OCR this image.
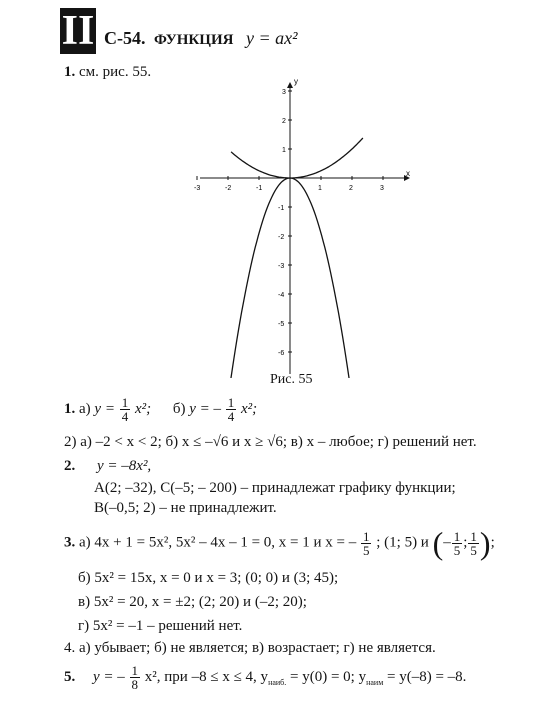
II С-54. ФУНКЦИЯ y = ax²
1. см. рис. 55.
x
y
-3	-2	-1	1	2	3
3
2
1
-1
-2
-3
-4
-5
-6
Рис. 55
1. а) $y = \frac{1}{4} x^2$; б) y = – $\frac{1}{4} x^2$;
2) а) –2 < x < 2; б) x ≤ –√6 и x ≥ √6; в) x – любое; г) решений нет.
2. y = –8x²,
A(2; –32), C(–5; – 200) – принадлежат графику функции;
B(–0,5; 2) – не принадлежит.
3. а) 4x + 1 = 5x², 5x² – 4x – 1 = 0, x = 1 и x = – $\frac{1}{5}$ ; (1; 5) и (– $\frac{1}{5}$ ; $\frac{1}{5}$ );
б) 5x² = 15x, x = 0 и x = 3; (0; 0) и (3; 45);
в) 5x² = 20, x = ±2; (2; 20) и (–2; 20);
г) 5x² = –1 – решений нет.
4. а) убывает; б) не является; в) возрастает; г) не является.
5. y = – $\frac{1}{8} x^2$, при –8 ≤ x ≤ 4, $y_{наиб.} = y(0) = 0$; $y_{наим} = y(-8) = -8$.
